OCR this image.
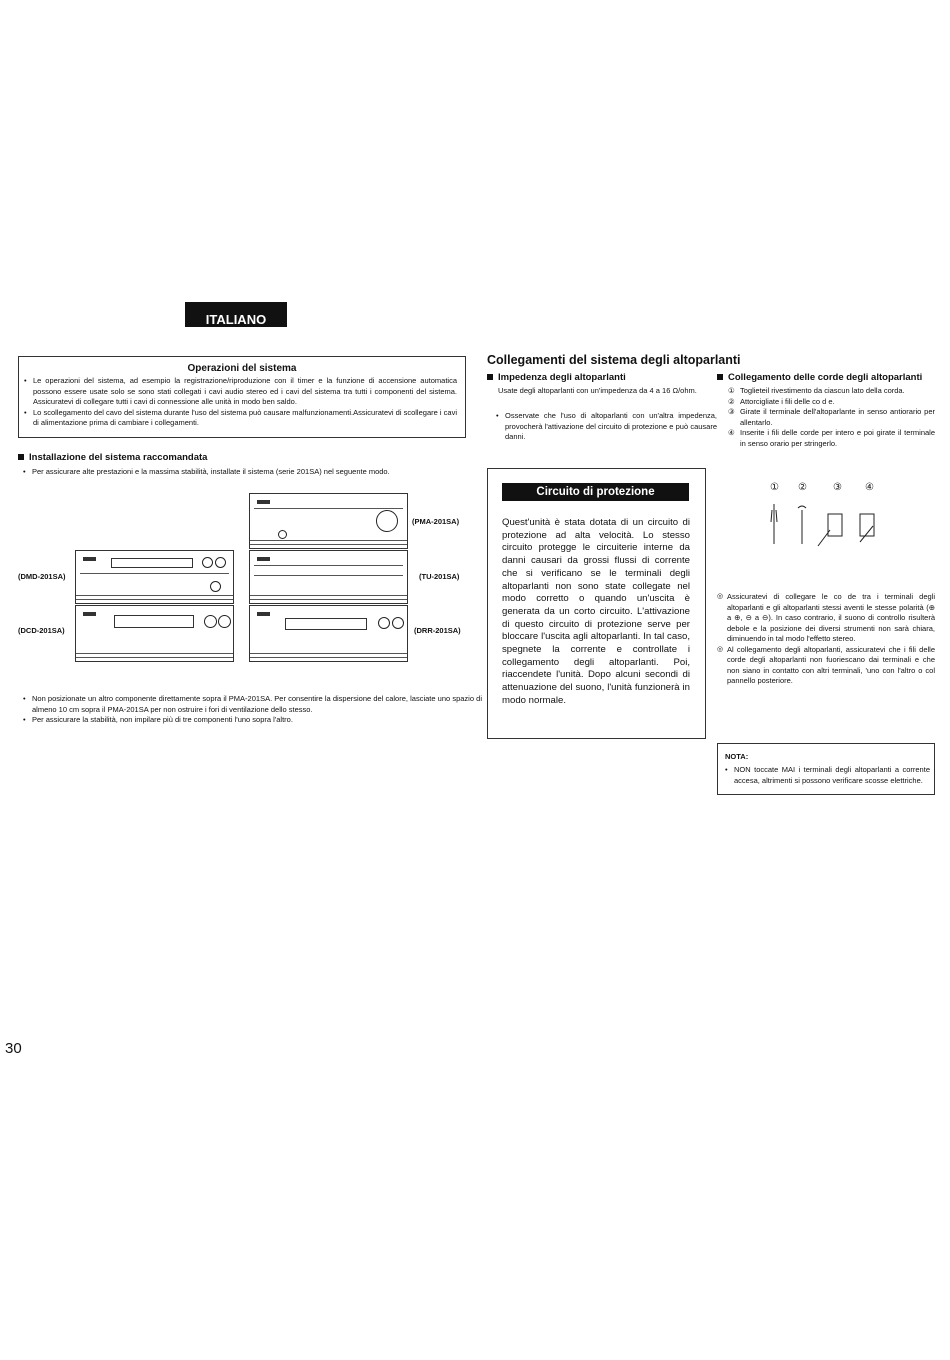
ITALIANO
Operazioni del sistema
• Le operazioni del sistema, ad esempio la registrazione/riproduzione con il timer e la funzione di accensione automatica possono essere usate solo se sono stati collegati i cavi audio stereo ed i cavi del sistema tra tutti i componenti del sistema. Assicuratevi di collegare tutti i cavi di connessione alle unità in modo ben saldo.
• Lo scollegamento del cavo del sistema durante l'uso del sistema può causare malfunzionamenti.Assicuratevi di scollegare i cavi di alimentazione prima di cambiare i collegamenti.
Installazione del sistema raccomandata
• Per assicurare alte prestazioni e la massima stabilità, installate il sistema (serie 201SA) nel seguente modo.
(PMA-201SA)
(TU-201SA)
(DRR-201SA)
(DMD-201SA)
(DCD-201SA)
• Non posizionate un altro componente direttamente sopra il PMA-201SA. Per consentire la dispersione del calore, lasciate uno spazio di almeno 10 cm sopra il PMA-201SA per non ostruire i fori di ventilazione dello stesso.
• Per assicurare la stabilità, non impilare più di tre componenti l'uno sopra l'altro.
Collegamenti del sistema degli altoparlanti
Impedenza degli altoparlanti
Usate degli altoparlanti con un'impedenza da 4 a 16 Ω/ohm.
• Osservate che l'uso di altoparlanti con un'altra impedenza, provocherà l'attivazione del circuito di protezione e può causare danni.
Collegamento delle corde degli altoparlanti
① Toglieteil rivestimento da ciascun lato della corda.
② Attorcigliate i fili delle co d e.
③ Girate il terminale dell'altoparlante in senso antiorario per allentarlo.
④ Inserite i fili delle corde per intero e poi girate il terminale in senso orario per stringerlo.
① ②	③ ④
◎ Assicuratevi di collegare le co de tra i terminali degli altoparlanti e gli altoparlanti stessi aventi le stesse polarità (⊕ a ⊕, ⊖ a ⊖). In caso contrario, il suono di controllo risulterà debole e la posizione dei diversi strumenti non sarà chiara, diminuendo in tal modo l'effetto stereo.
◎ Al collegamento degli altoparlanti, assicuratevi che i fili delle corde degli altoparlanti non fuoriescano dai terminali e che non siano in contatto con altri terminali, 'uno con l'altro o col pannello posteriore.
Circuito di protezione
Quest'unità è stata dotata di un circuito di protezione ad alta velocità. Lo stesso circuito protegge le circuiterie interne da danni causari da grossi flussi di corrente che si verificano se le terminali degli altoparlanti non sono state collegate nel modo corretto o quando un'uscita è generata da un corto circuito. L'attivazione di questo circuito di protezione serve per bloccare l'uscita agli altoparlanti. In tal caso, spegnete la corrente e controllate i collegamento degli altoparlanti. Poi, riaccendete l'unità. Dopo alcuni secondi di attenuazione del suono, l'unità funzionerà in modo normale.
NOTA:
• NON toccate MAI i terminali degli altoparlanti a corrente accesa, altrimenti si possono verificare scosse elettriche.
30
